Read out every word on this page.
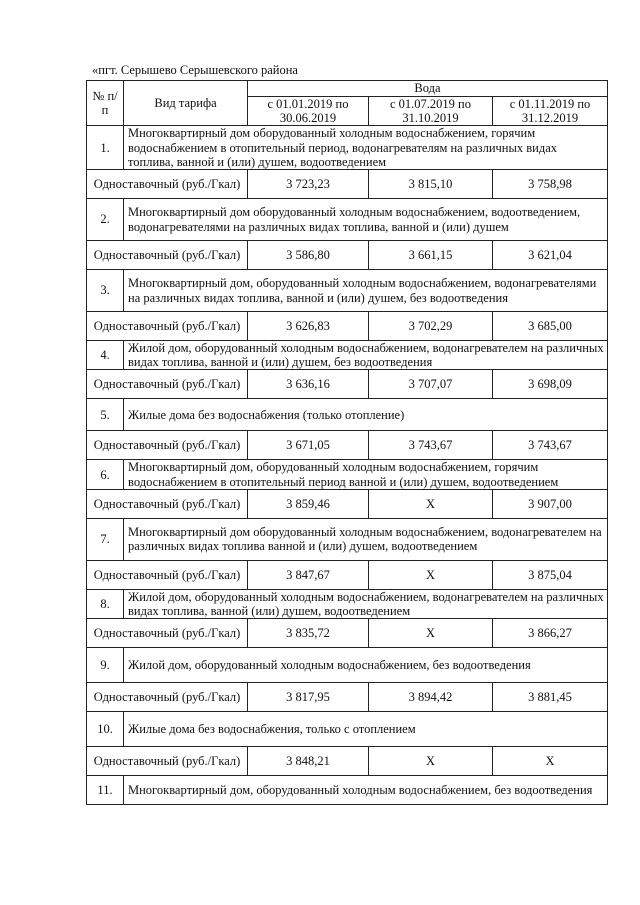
«пгт. Серышево Серышевского района
№ п/п	Вид тарифа	Вода		
		с 01.01.2019 по 30.06.2019	с 01.07.2019 по 31.10.2019	с 01.11.2019 по 31.12.2019
1.	Многоквартирный дом оборудованный холодным водоснабжением, горячим водоснабжением в отопительный период, водонагревателям на различных видах топлива, ванной и (или) душем, водоотведением			
Одноставочный (руб./Гкал)		3 723,23	3 815,10	3 758,98
2.	Многоквартирный дом оборудованный холодным водоснабжением, водоотведением, водонагревателями на различных видах топлива, ванной и (или) душем			
Одноставочный (руб./Гкал)		3 586,80	3 661,15	3 621,04
3.	Многоквартирный дом, оборудованный холодным водоснабжением, водонагревателями на различных видах топлива, ванной и (или) душем, без водоотведения			
Одноставочный (руб./Гкал)		3 626,83	3 702,29	3 685,00
4.	Жилой дом, оборудованный холодным водоснабжением, водонагревателем на различных видах топлива, ванной и (или) душем, без водоотведения			
Одноставочный (руб./Гкал)		3 636,16	3 707,07	3 698,09
5.	Жилые дома без водоснабжения (только отопление)			
Одноставочный (руб./Гкал)		3 671,05	3 743,67	3 743,67
6.	Многоквартирный дом, оборудованный холодным водоснабжением, горячим водоснабжением в отопительный период ванной и (или) душем, водоотведением			
Одноставочный (руб./Гкал)		3 859,46	Х	3 907,00
7.	Многоквартирный дом оборудованный холодным водоснабжением, водонагревателем на различных видах топлива ванной и (или) душем, водоотведением			
Одноставочный (руб./Гкал)		3 847,67	Х	3 875,04
8.	Жилой дом, оборудованный холодным водоснабжением, водонагревателем на различных видах топлива, ванной (или) душем, водоотведением			
Одноставочный (руб./Гкал)		3 835,72	Х	3 866,27
9.	Жилой дом, оборудованный холодным водоснабжением, без водоотведения			
Одноставочный (руб./Гкал)		3 817,95	3 894,42	3 881,45
10.	Жилые дома без водоснабжения, только с отоплением			
Одноставочный (руб./Гкал)		3 848,21	Х	Х
11.	Многоквартирный дом, оборудованный холодным водоснабжением, без водоотведения			
